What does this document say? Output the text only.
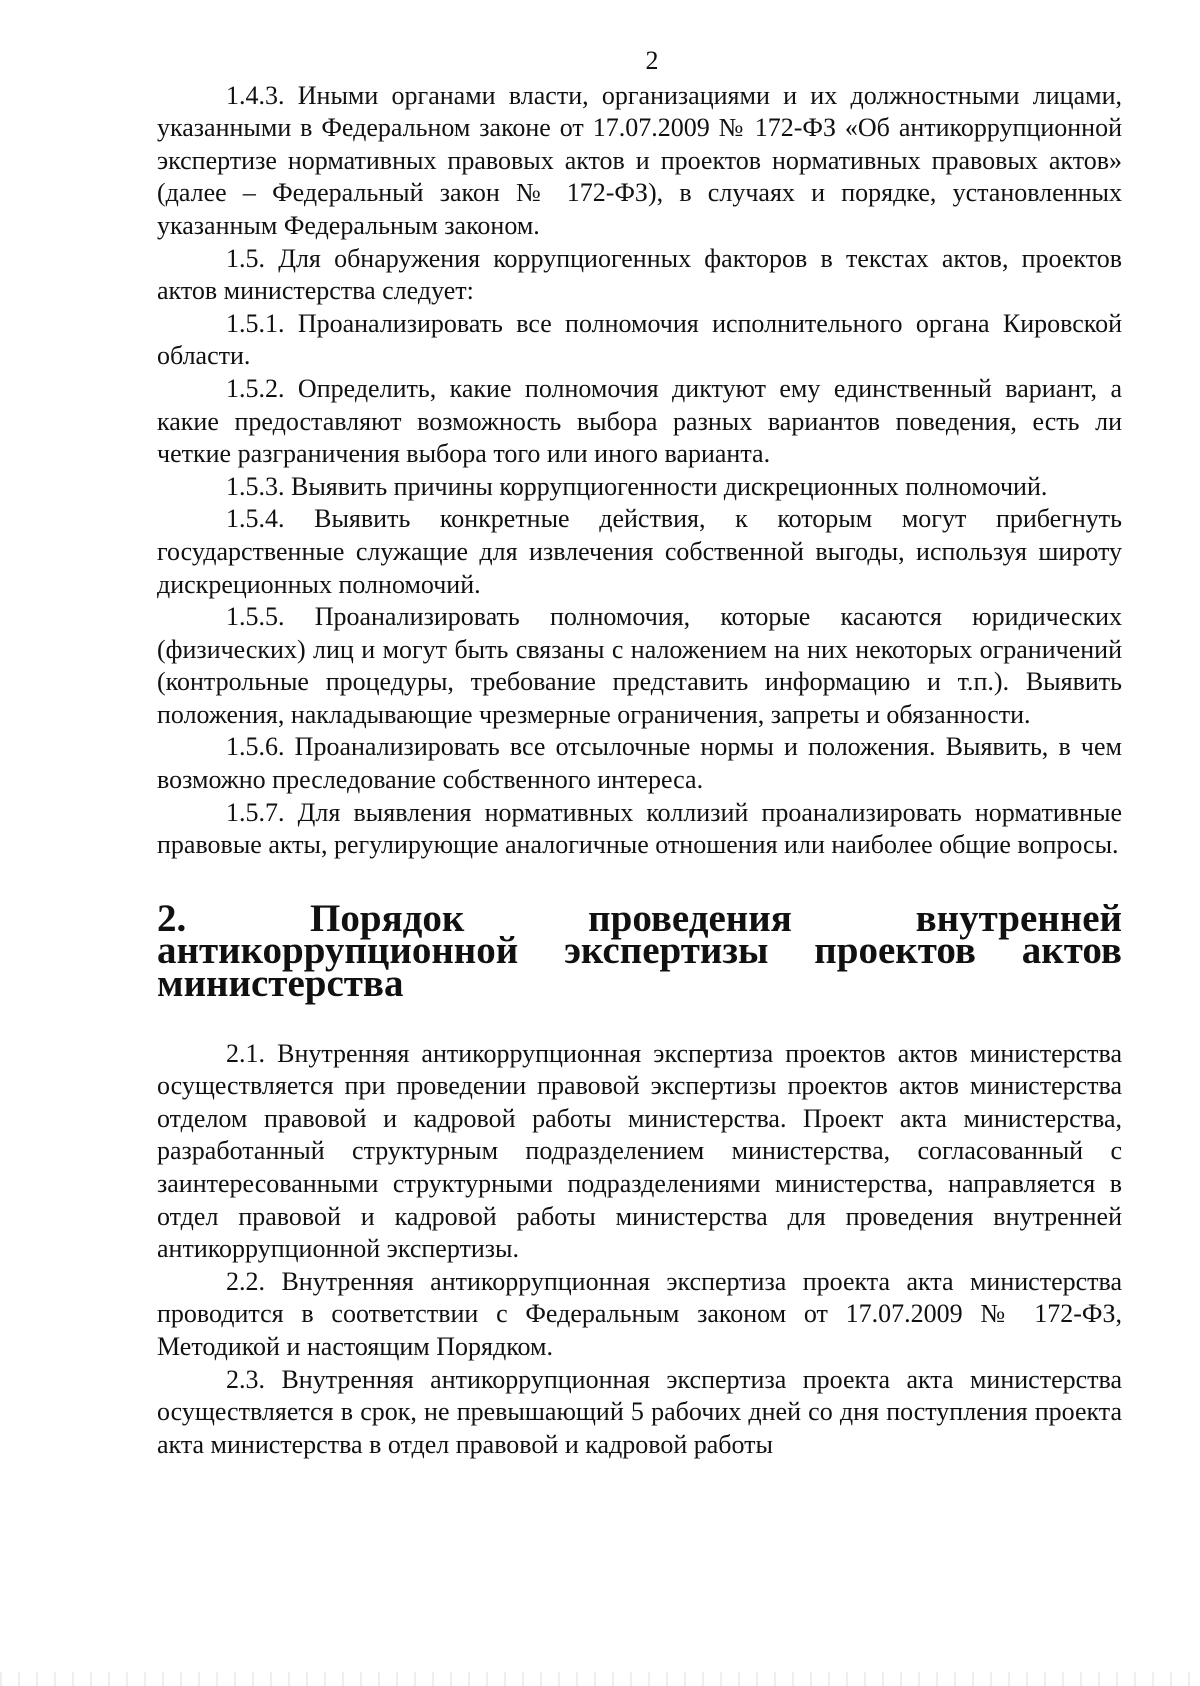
2

1.4.3. Иными органами власти, организациями и их должностными лицами, указанными в Федеральном законе от 17.07.2009 № 172-ФЗ «Об антикоррупционной экспертизе нормативных правовых актов и проектов нормативных правовых актов» (далее – Федеральный закон № 172-ФЗ), в случаях и порядке, установленных указанным Федеральным законом.

1.5. Для обнаружения коррупциогенных факторов в текстах актов, проектов актов министерства следует:

1.5.1. Проанализировать все полномочия исполнительного органа Кировской области.

1.5.2. Определить, какие полномочия диктуют ему единственный вариант, а какие предоставляют возможность выбора разных вариантов поведения, есть ли четкие разграничения выбора того или иного варианта.

1.5.3. Выявить причины коррупциогенности дискреционных полномочий.

1.5.4. Выявить конкретные действия, к которым могут прибегнуть государственные служащие для извлечения собственной выгоды, используя широту дискреционных полномочий.

1.5.5. Проанализировать полномочия, которые касаются юридических (физических) лиц и могут быть связаны с наложением на них некоторых ограничений (контрольные процедуры, требование представить информацию и т.п.). Выявить положения, накладывающие чрезмерные ограничения, запреты и обязанности.

1.5.6. Проанализировать все отсылочные нормы и положения. Выявить, в чем возможно преследование собственного интереса.

1.5.7. Для выявления нормативных коллизий проанализировать нормативные правовые акты, регулирующие аналогичные отношения или наиболее общие вопросы.

2. Порядок проведения внутренней антикоррупционной экспертизы проектов актов министерства

2.1. Внутренняя антикоррупционная экспертиза проектов актов министерства осуществляется при проведении правовой экспертизы проектов актов министерства отделом правовой и кадровой работы министерства. Проект акта министерства, разработанный структурным подразделением министерства, согласованный с заинтересованными структурными подразделениями министерства, направляется в отдел правовой и кадровой работы министерства для проведения внутренней антикоррупционной экспертизы.

2.2. Внутренняя антикоррупционная экспертиза проекта акта министерства проводится в соответствии с Федеральным законом от 17.07.2009 № 172-ФЗ, Методикой и настоящим Порядком.

2.3. Внутренняя антикоррупционная экспертиза проекта акта министерства осуществляется в срок, не превышающий 5 рабочих дней со дня поступления проекта акта министерства в отдел правовой и кадровой работы
